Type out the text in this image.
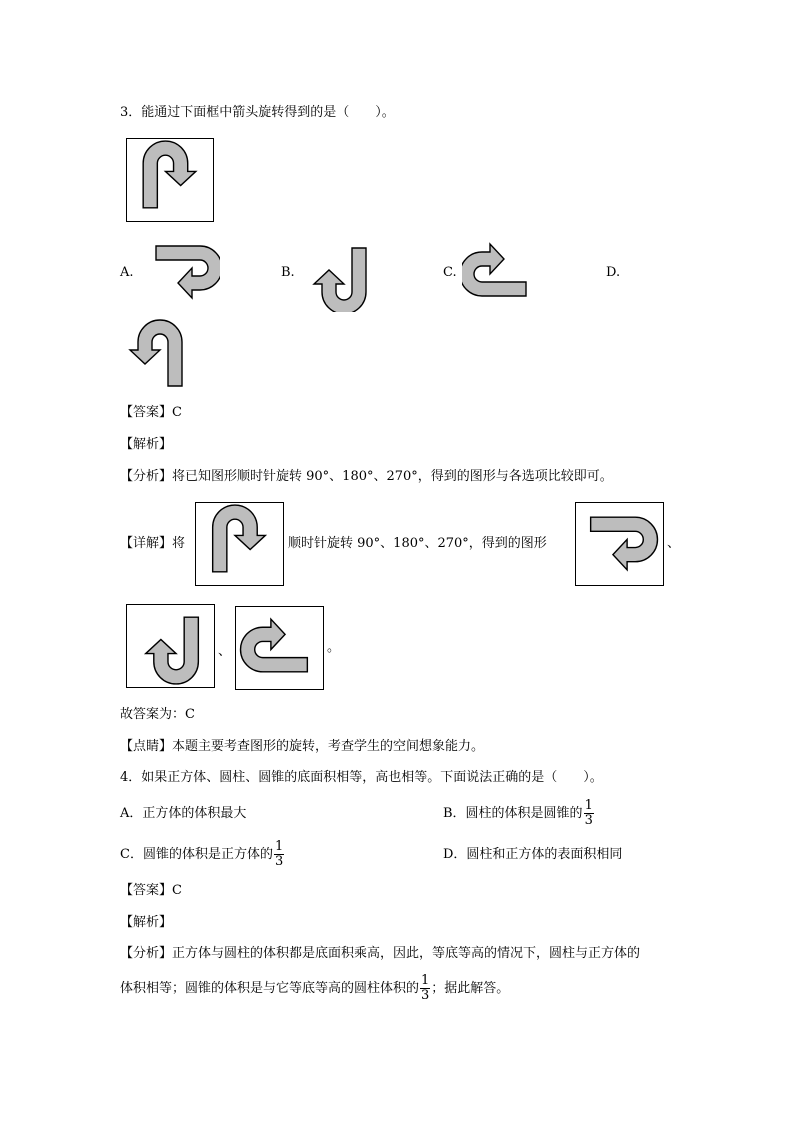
3．能通过下面框中箭头旋转得到的是（　　）。
A.	B.	C.	D.
【答案】C
【解析】
【分析】将已知图形顺时针旋转 90°、180°、270°，得到的图形与各选项比较即可。
【详解】将	顺时针旋转 90°、180°、270°，得到的图形	、
、	。
故答案为：C
【点睛】本题主要考查图形的旋转，考查学生的空间想象能力。
4．如果正方体、圆柱、圆锥的底面积相等，高也相等。下面说法正确的是（　　）。
A．正方体的体积最大	B．圆柱的体积是圆锥的 $\frac{1}{3}$
C．圆锥的体积是正方体的 $\frac{1}{3}$	D．圆柱和正方体的表面积相同
【答案】C
【解析】
【分析】正方体与圆柱的体积都是底面积乘高，因此，等底等高的情况下，圆柱与正方体的
体积相等；圆锥的体积是与它等底等高的圆柱体积的 $\frac{1}{3}$ ；据此解答。
